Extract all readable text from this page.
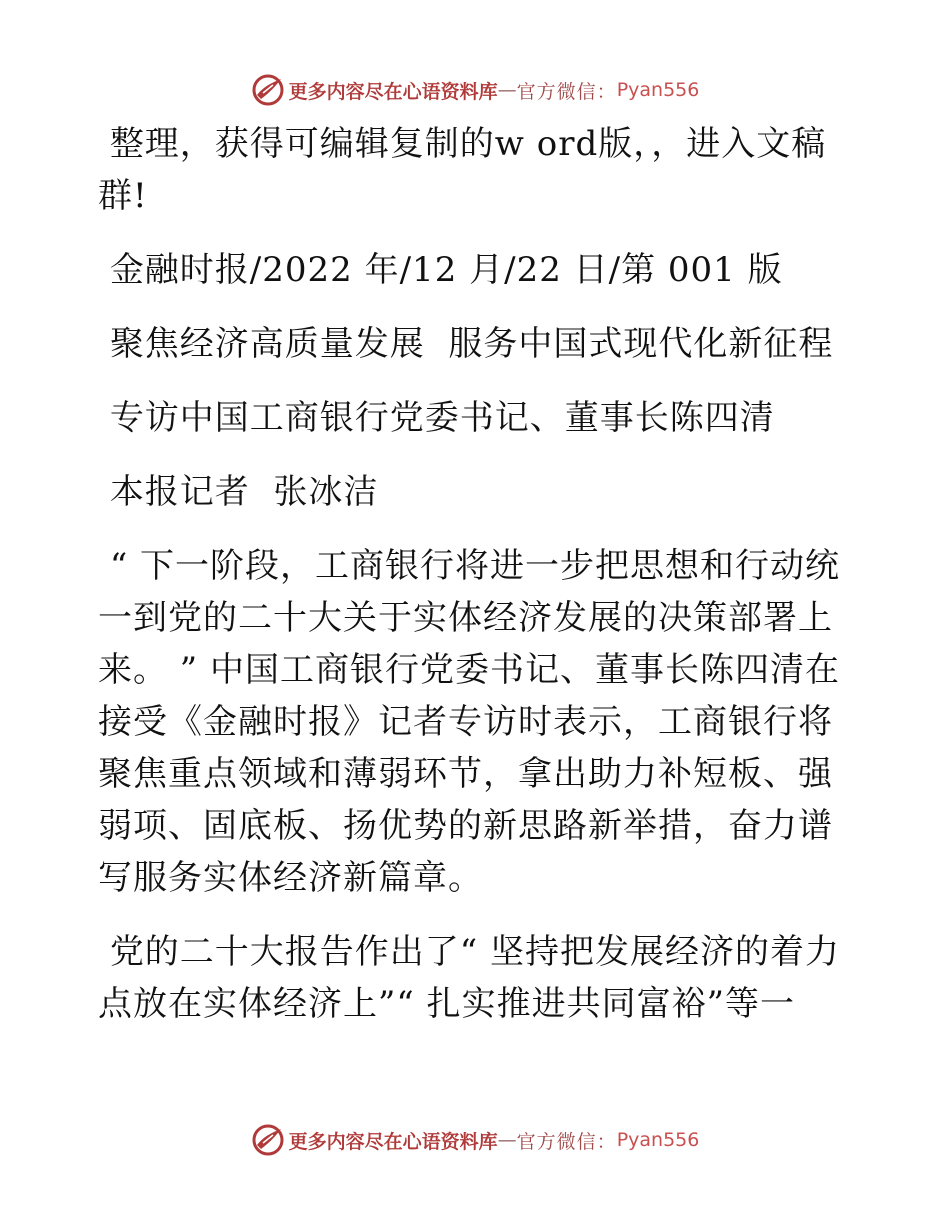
更多内容尽在心语资料库 — 官方微信： Pyan556

整理，获得可编辑复制的w ord版，，进入文稿群!

金融时报/2022 年/12 月/22 日/第 001 版

聚焦经济高质量发展  服务中国式现代化新征程

专访中国工商银行党委书记、董事长陈四清

本报记者  张冰洁

“ 下一阶段，工商银行将进一步把思想和行动统一到党的二十大关于实体经济发展的决策部署上来。 ” 中国工商银行党委书记、董事长陈四清在接受《金融时报》记者专访时表示，工商银行将聚焦重点领域和薄弱环节，拿出助力补短板、强弱项、固底板、扬优势的新思路新举措，奋力谱写服务实体经济新篇章。

党的二十大报告作出了“ 坚持把发展经济的着力点放在实体经济上”“ 扎实推进共同富裕”等一

更多内容尽在心语资料库 — 官方微信： Pyan556
